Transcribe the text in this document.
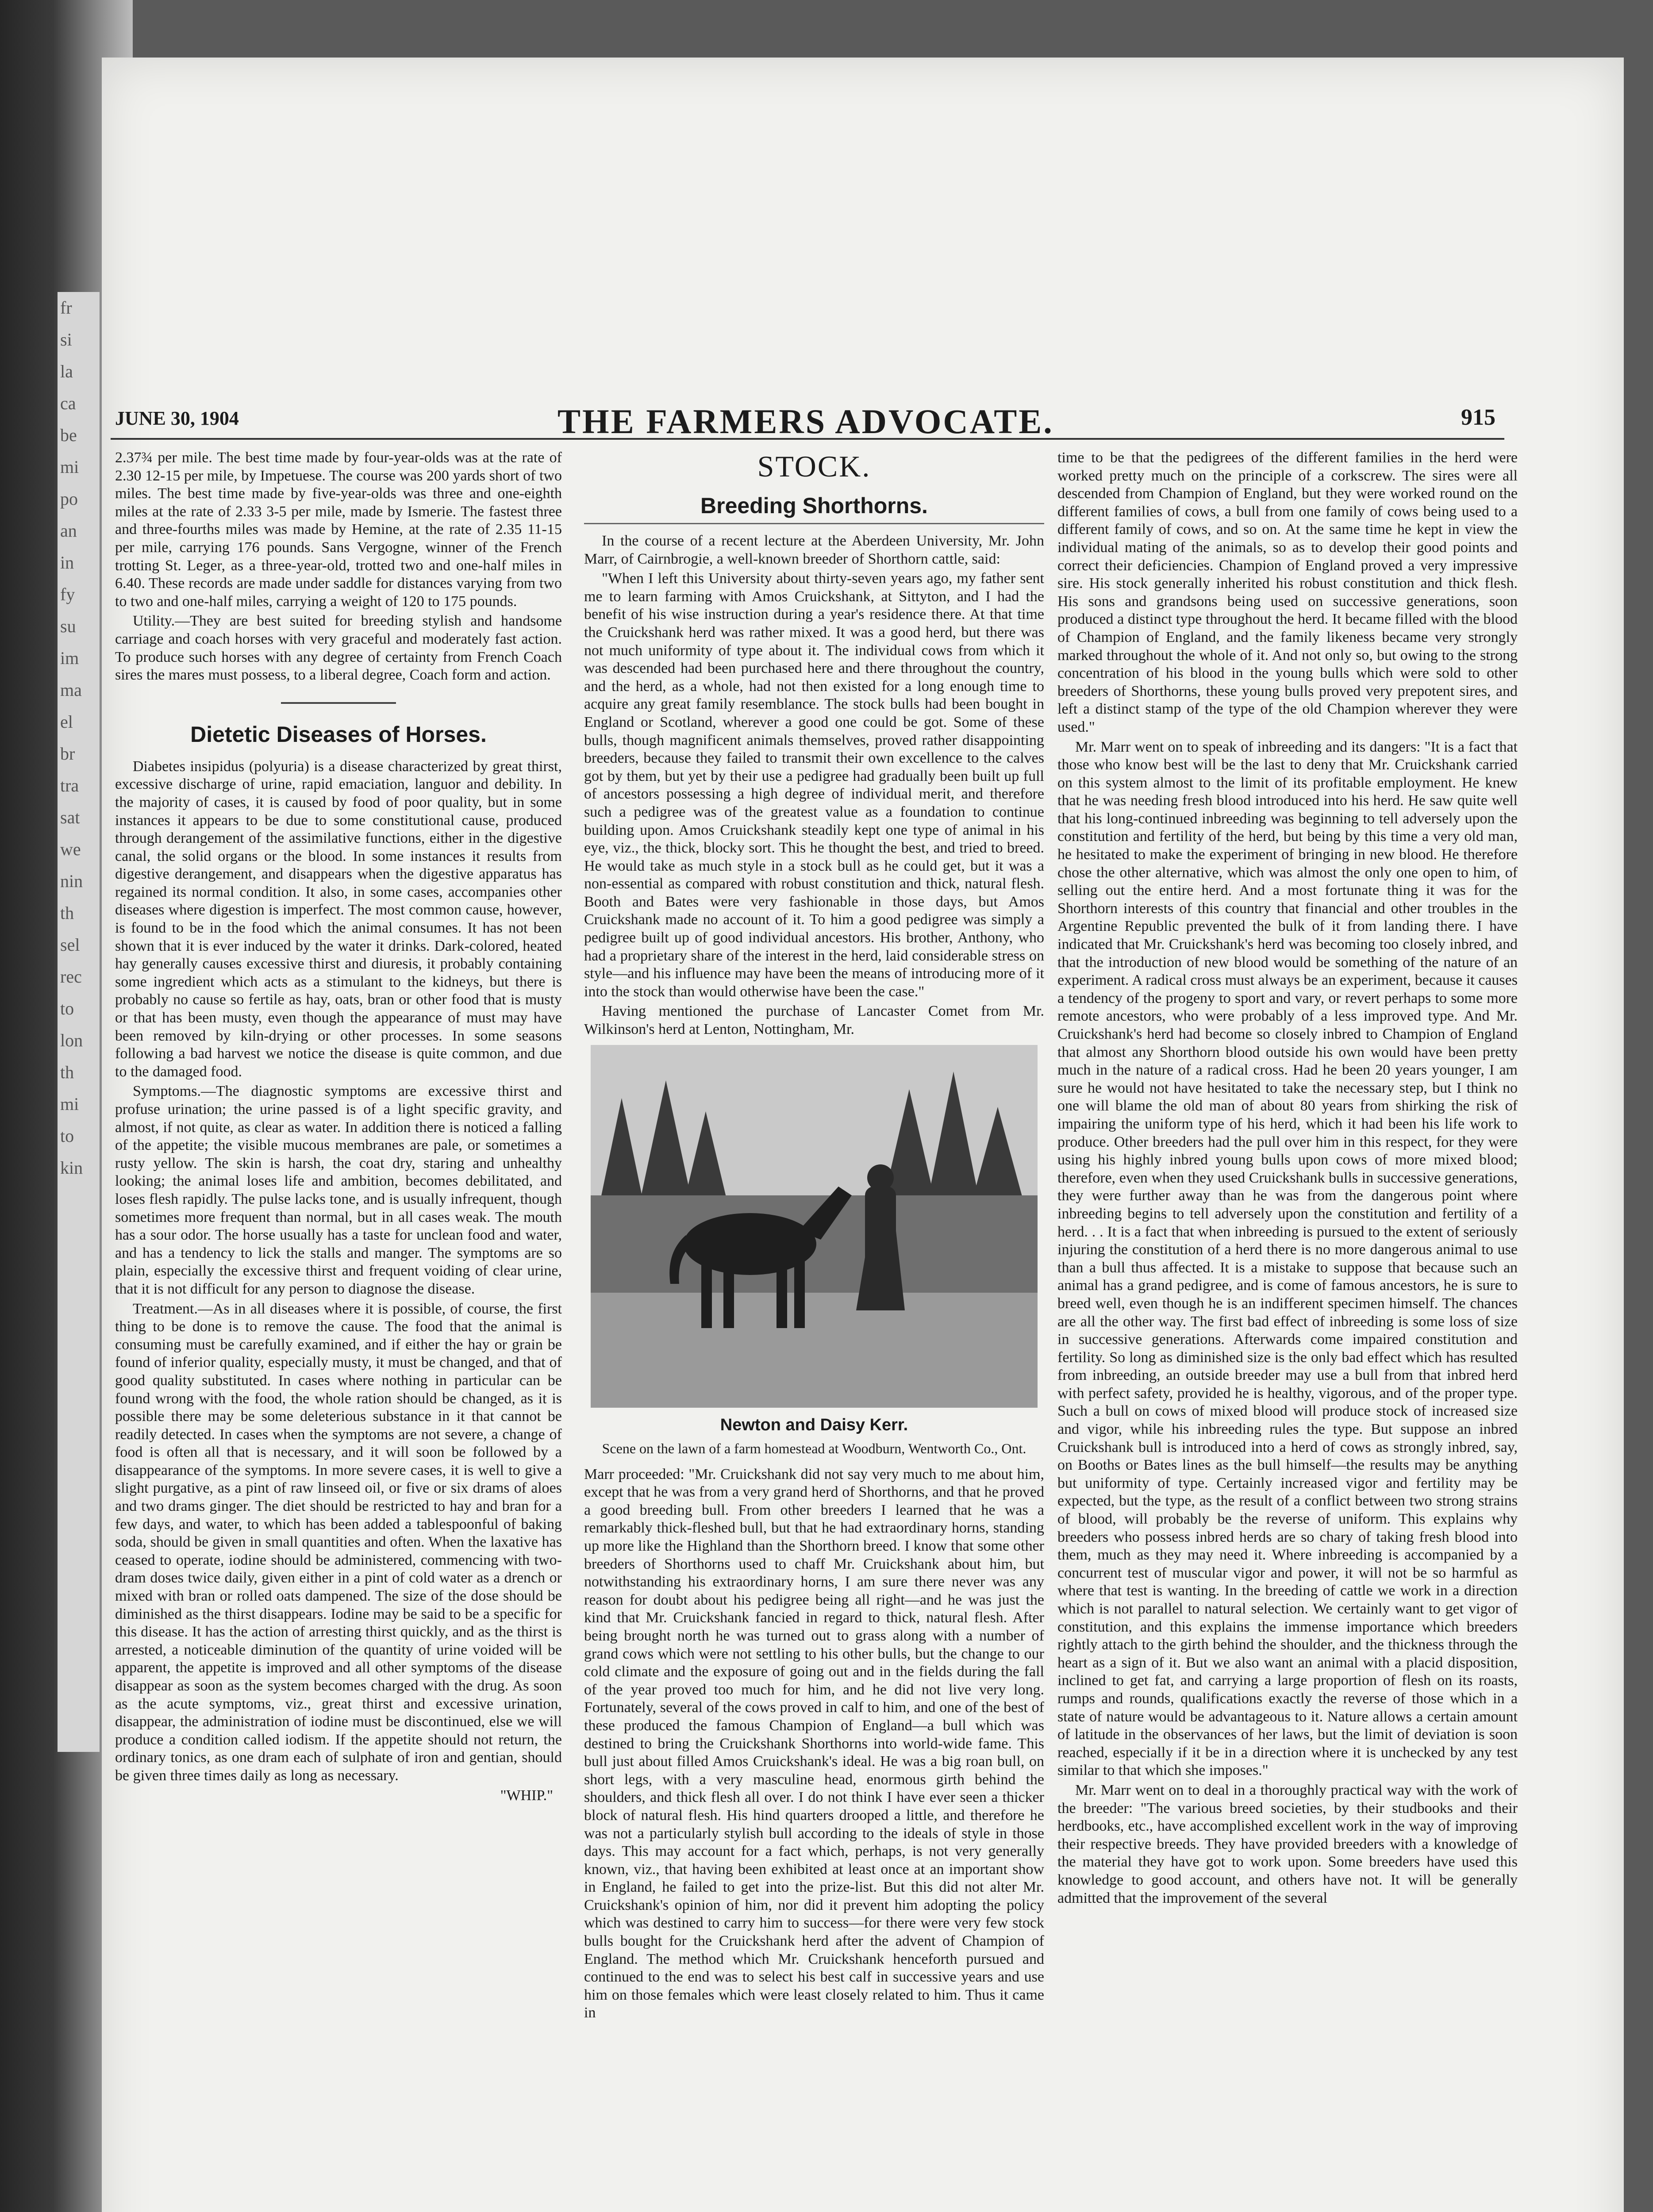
fr
si
la
ca
be
mi
po
an
in
fy
su
im
ma
el
br
tra
sat
we
nin
th
sel
rec
to
lon
th
mi
to
kin
JUNE 30, 1904	THE FARMERS ADVOCATE.	915

2.37¾ per mile. The best time made by four-year-olds was at the rate of 2.30 12-15 per mile, by Impetuese. The course was 200 yards short of two miles. The best time made by five-year-olds was three and one-eighth miles at the rate of 2.33 3-5 per mile, made by Ismerie. The fastest three and three-fourths miles was made by Hemine, at the rate of 2.35 11-15 per mile, carrying 176 pounds. Sans Vergogne, winner of the French trotting St. Leger, as a three-year-old, trotted two and one-half miles in 6.40. These records are made under saddle for distances varying from two to two and one-half miles, carrying a weight of 120 to 175 pounds.

Utility.—They are best suited for breeding stylish and handsome carriage and coach horses with very graceful and moderately fast action. To produce such horses with any degree of certainty from French Coach sires the mares must possess, to a liberal degree, Coach form and action.

Dietetic Diseases of Horses.

Diabetes insipidus (polyuria) is a disease characterized by great thirst, excessive discharge of urine, rapid emaciation, languor and debility. In the majority of cases, it is caused by food of poor quality, but in some instances it appears to be due to some constitutional cause, produced through derangement of the assimilative functions, either in the digestive canal, the solid organs or the blood. In some instances it results from digestive derangement, and disappears when the digestive apparatus has regained its normal condition. It also, in some cases, accompanies other diseases where digestion is imperfect. The most common cause, however, is found to be in the food which the animal consumes. It has not been shown that it is ever induced by the water it drinks. Dark-colored, heated hay generally causes excessive thirst and diuresis, it probably containing some ingredient which acts as a stimulant to the kidneys, but there is probably no cause so fertile as hay, oats, bran or other food that is musty or that has been musty, even though the appearance of must may have been removed by kiln-drying or other processes. In some seasons following a bad harvest we notice the disease is quite common, and due to the damaged food.

Symptoms.—The diagnostic symptoms are excessive thirst and profuse urination; the urine passed is of a light specific gravity, and almost, if not quite, as clear as water. In addition there is noticed a falling of the appetite; the visible mucous membranes are pale, or sometimes a rusty yellow. The skin is harsh, the coat dry, staring and unhealthy looking; the animal loses life and ambition, becomes debilitated, and loses flesh rapidly. The pulse lacks tone, and is usually infrequent, though sometimes more frequent than normal, but in all cases weak. The mouth has a sour odor. The horse usually has a taste for unclean food and water, and has a tendency to lick the stalls and manger. The symptoms are so plain, especially the excessive thirst and frequent voiding of clear urine, that it is not difficult for any person to diagnose the disease.

Treatment.—As in all diseases where it is possible, of course, the first thing to be done is to remove the cause. The food that the animal is consuming must be carefully examined, and if either the hay or grain be found of inferior quality, especially musty, it must be changed, and that of good quality substituted. In cases where nothing in particular can be found wrong with the food, the whole ration should be changed, as it is possible there may be some deleterious substance in it that cannot be readily detected. In cases when the symptoms are not severe, a change of food is often all that is necessary, and it will soon be followed by a disappearance of the symptoms. In more severe cases, it is well to give a slight purgative, as a pint of raw linseed oil, or five or six drams of aloes and two drams ginger. The diet should be restricted to hay and bran for a few days, and water, to which has been added a tablespoonful of baking soda, should be given in small quantities and often. When the laxative has ceased to operate, iodine should be administered, commencing with two-dram doses twice daily, given either in a pint of cold water as a drench or mixed with bran or rolled oats dampened. The size of the dose should be diminished as the thirst disappears. Iodine may be said to be a specific for this disease. It has the action of arresting thirst quickly, and as the thirst is arrested, a noticeable diminution of the quantity of urine voided will be apparent, the appetite is improved and all other symptoms of the disease disappear as soon as the system becomes charged with the drug. As soon as the acute symptoms, viz., great thirst and excessive urination, disappear, the administration of iodine must be discontinued, else we will produce a condition called iodism. If the appetite should not return, the ordinary tonics, as one dram each of sulphate of iron and gentian, should be given three times daily as long as necessary.

"WHIP."
STOCK.
Breeding Shorthorns.

In the course of a recent lecture at the Aberdeen University, Mr. John Marr, of Cairnbrogie, a well-known breeder of Shorthorn cattle, said:

"When I left this University about thirty-seven years ago, my father sent me to learn farming with Amos Cruickshank, at Sittyton, and I had the benefit of his wise instruction during a year's residence there. At that time the Cruickshank herd was rather mixed. It was a good herd, but there was not much uniformity of type about it. The individual cows from which it was descended had been purchased here and there throughout the country, and the herd, as a whole, had not then existed for a long enough time to acquire any great family resemblance. The stock bulls had been bought in England or Scotland, wherever a good one could be got. Some of these bulls, though magnificent animals themselves, proved rather disappointing breeders, because they failed to transmit their own excellence to the calves got by them, but yet by their use a pedigree had gradually been built up full of ancestors possessing a high degree of individual merit, and therefore such a pedigree was of the greatest value as a foundation to continue building upon. Amos Cruickshank steadily kept one type of animal in his eye, viz., the thick, blocky sort. This he thought the best, and tried to breed. He would take as much style in a stock bull as he could get, but it was a non-essential as compared with robust constitution and thick, natural flesh. Booth and Bates were very fashionable in those days, but Amos Cruickshank made no account of it. To him a good pedigree was simply a pedigree built up of good individual ancestors. His brother, Anthony, who had a proprietary share of the interest in the herd, laid considerable stress on style—and his influence may have been the means of introducing more of it into the stock than would otherwise have been the case."

Having mentioned the purchase of Lancaster Comet from Mr. Wilkinson's herd at Lenton, Nottingham, Mr.

Newton and Daisy Kerr.
Scene on the lawn of a farm homestead at Woodburn, Wentworth Co., Ont.

Marr proceeded: "Mr. Cruickshank did not say very much to me about him, except that he was from a very grand herd of Shorthorns, and that he proved a good breeding bull. From other breeders I learned that he was a remarkably thick-fleshed bull, but that he had extraordinary horns, standing up more like the Highland than the Shorthorn breed. I know that some other breeders of Shorthorns used to chaff Mr. Cruickshank about him, but notwithstanding his extraordinary horns, I am sure there never was any reason for doubt about his pedigree being all right—and he was just the kind that Mr. Cruickshank fancied in regard to thick, natural flesh. After being brought north he was turned out to grass along with a number of grand cows which were not settling to his other bulls, but the change to our cold climate and the exposure of going out and in the fields during the fall of the year proved too much for him, and he did not live very long. Fortunately, several of the cows proved in calf to him, and one of the best of these produced the famous Champion of England—a bull which was destined to bring the Cruickshank Shorthorns into world-wide fame. This bull just about filled Amos Cruickshank's ideal. He was a big roan bull, on short legs, with a very masculine head, enormous girth behind the shoulders, and thick flesh all over. I do not think I have ever seen a thicker block of natural flesh. His hind quarters drooped a little, and therefore he was not a particularly stylish bull according to the ideals of style in those days. This may account for a fact which, perhaps, is not very generally known, viz., that having been exhibited at least once at an important show in England, he failed to get into the prize-list. But this did not alter Mr. Cruickshank's opinion of him, nor did it prevent him adopting the policy which was destined to carry him to success—for there were very few stock bulls bought for the Cruickshank herd after the advent of Champion of England. The method which Mr. Cruickshank henceforth pursued and continued to the end was to select his best calf in successive years and use him on those females which were least closely related to him. Thus it came in

time to be that the pedigrees of the different families in the herd were worked pretty much on the principle of a corkscrew. The sires were all descended from Champion of England, but they were worked round on the different families of cows, a bull from one family of cows being used to a different family of cows, and so on. At the same time he kept in view the individual mating of the animals, so as to develop their good points and correct their deficiencies. Champion of England proved a very impressive sire. His stock generally inherited his robust constitution and thick flesh. His sons and grandsons being used on successive generations, soon produced a distinct type throughout the herd. It became filled with the blood of Champion of England, and the family likeness became very strongly marked throughout the whole of it. And not only so, but owing to the strong concentration of his blood in the young bulls which were sold to other breeders of Shorthorns, these young bulls proved very prepotent sires, and left a distinct stamp of the type of the old Champion wherever they were used."

Mr. Marr went on to speak of inbreeding and its dangers: "It is a fact that those who know best will be the last to deny that Mr. Cruickshank carried on this system almost to the limit of its profitable employment. He knew that he was needing fresh blood introduced into his herd. He saw quite well that his long-continued inbreeding was beginning to tell adversely upon the constitution and fertility of the herd, but being by this time a very old man, he hesitated to make the experiment of bringing in new blood. He therefore chose the other alternative, which was almost the only one open to him, of selling out the entire herd. And a most fortunate thing it was for the Shorthorn interests of this country that financial and other troubles in the Argentine Republic prevented the bulk of it from landing there. I have indicated that Mr. Cruickshank's herd was becoming too closely inbred, and that the introduction of new blood would be something of the nature of an experiment. A radical cross must always be an experiment, because it causes a tendency of the progeny to sport and vary, or revert perhaps to some more remote ancestors, who were probably of a less improved type. And Mr. Cruickshank's herd had become so closely inbred to Champion of England that almost any Shorthorn blood outside his own would have been pretty much in the nature of a radical cross. Had he been 20 years younger, I am sure he would not have hesitated to take the necessary step, but I think no one will blame the old man of about 80 years from shirking the risk of impairing the uniform type of his herd, which it had been his life work to produce. Other breeders had the pull over him in this respect, for they were using his highly inbred young bulls upon cows of more mixed blood; therefore, even when they used Cruickshank bulls in successive generations, they were further away than he was from the dangerous point where inbreeding begins to tell adversely upon the constitution and fertility of a herd. . . It is a fact that when inbreeding is pursued to the extent of seriously injuring the constitution of a herd there is no more dangerous animal to use than a bull thus affected. It is a mistake to suppose that because such an animal has a grand pedigree, and is come of famous ancestors, he is sure to breed well, even though he is an indifferent specimen himself. The chances are all the other way. The first bad effect of inbreeding is some loss of size in successive generations. Afterwards come impaired constitution and fertility. So long as diminished size is the only bad effect which has resulted from inbreeding, an outside breeder may use a bull from that inbred herd with perfect safety, provided he is healthy, vigorous, and of the proper type. Such a bull on cows of mixed blood will produce stock of increased size and vigor, while his inbreeding rules the type. But suppose an inbred Cruickshank bull is introduced into a herd of cows as strongly inbred, say, on Booths or Bates lines as the bull himself—the results may be anything but uniformity of type. Certainly increased vigor and fertility may be expected, but the type, as the result of a conflict between two strong strains of blood, will probably be the reverse of uniform. This explains why breeders who possess inbred herds are so chary of taking fresh blood into them, much as they may need it. Where inbreeding is accompanied by a concurrent test of muscular vigor and power, it will not be so harmful as where that test is wanting. In the breeding of cattle we work in a direction which is not parallel to natural selection. We certainly want to get vigor of constitution, and this explains the immense importance which breeders rightly attach to the girth behind the shoulder, and the thickness through the heart as a sign of it. But we also want an animal with a placid disposition, inclined to get fat, and carrying a large proportion of flesh on its roasts, rumps and rounds, qualifications exactly the reverse of those which in a state of nature would be advantageous to it. Nature allows a certain amount of latitude in the observances of her laws, but the limit of deviation is soon reached, especially if it be in a direction where it is unchecked by any test similar to that which she imposes."

Mr. Marr went on to deal in a thoroughly practical way with the work of the breeder: "The various breed societies, by their studbooks and their herdbooks, etc., have accomplished excellent work in the way of improving their respective breeds. They have provided breeders with a knowledge of the material they have got to work upon. Some breeders have used this knowledge to good account, and others have not. It will be generally admitted that the improvement of the several
